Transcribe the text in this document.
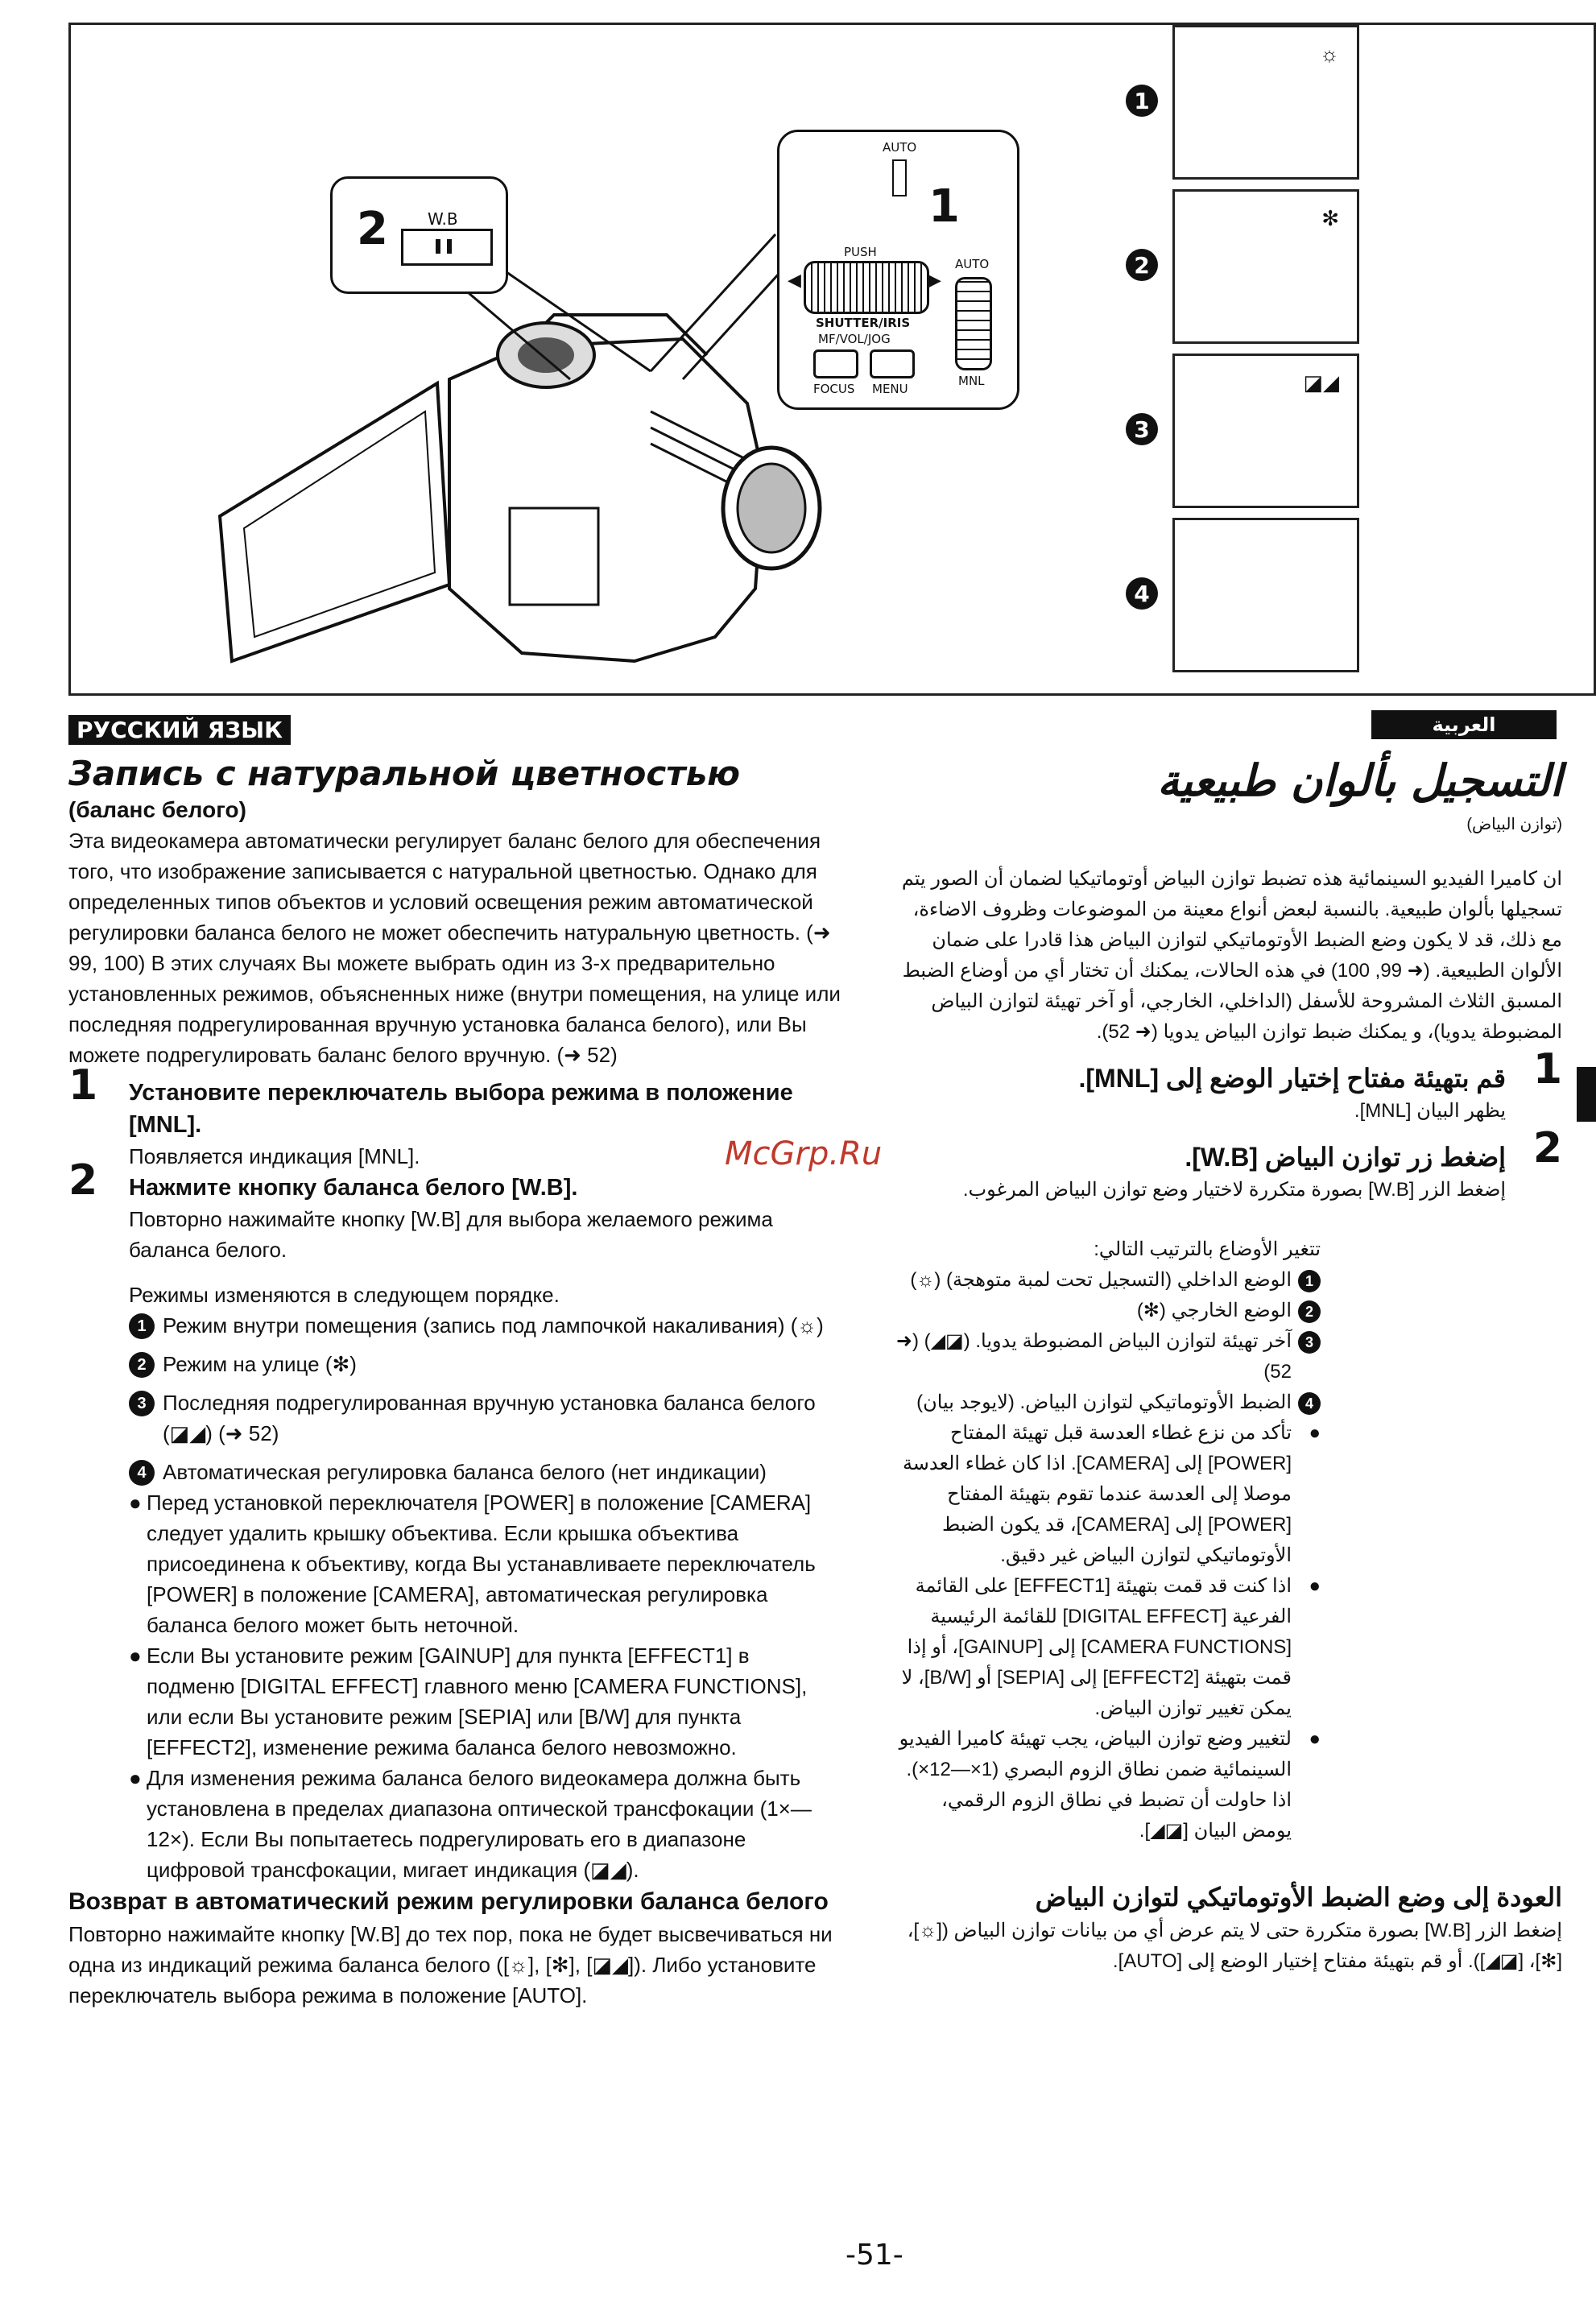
2 W.B
AUTO
1
PUSH
◀	▶
SHUTTER/IRIS
MF/VOL/JOG
FOCUS MENU
AUTO
MNL
1
☼
2
✻
3
◪◢
4
РУССКИЙ ЯЗЫК	العربية
Запись с натуральной цветностью

(баланс белого)

Эта видеокамера автоматически регулирует баланс белого для обеспечения того, что изображение записывается с натуральной цветностью. Однако для определенных типов объектов и условий освещения режим автоматической регулировки баланса белого не может обеспечить натуральную цветность. (➜ 99, 100) В этих случаях Вы можете выбрать один из 3-х предварительно установленных режимов, объясненных ниже (внутри помещения, на улице или последняя подрегулированная вручную установка баланса белого), или Вы можете подрегулировать баланс белого вручную. (➜ 52)

1 Установите переключатель выбора режима в положение [MNL].

Появляется индикация [MNL].

2 Нажмите кнопку баланса белого [W.B].

Повторно нажимайте кнопку [W.B] для выбора желаемого режима баланса белого.

Режимы изменяются в следующем порядке.

1 Режим внутри помещения (запись под лампочкой накаливания) (☼)
2 Режим на улице (✻)
3 Последняя подрегулированная вручную установка баланса белого (◪◢) (➜ 52)
4 Автоматическая регулировка баланса белого (нет индикации)
● Перед установкой переключателя [POWER] в положение [CAMERA] следует удалить крышку объектива. Если крышка объектива присоединена к объективу, когда Вы устанавливаете переключатель [POWER] в положение [CAMERA], автоматическая регулировка баланса белого может быть неточной.
● Если Вы установите режим [GAINUP] для пункта [EFFECT1] в подменю [DIGITAL EFFECT] главного меню [CAMERA FUNCTIONS], или если Вы установите режим [SEPIA] или [B/W] для пункта [EFFECT2], изменение режима баланса белого невозможно.
● Для изменения режима баланса белого видеокамера должна быть установлена в пределах диапазона оптической трансфокации (1×—12×). Если Вы попытаетесь подрегулировать его в диапазоне цифровой трансфокации, мигает индикация (◪◢).
Возврат в автоматический режим регулировки баланса белого

Повторно нажимайте кнопку [W.B] до тех пор, пока не будет высвечиваться ни одна из индикаций режима баланса белого ([☼], [✻], [◪◢]). Либо установите переключатель выбора режима в положение [AUTO].

التسجيل بألوان طبيعية

(توازن البياض)

ان كاميرا الفيديو السينمائية هذه تضبط توازن البياض أوتوماتيكيا لضمان أن الصور يتم تسجيلها بألوان طبيعية. بالنسبة لبعض أنواع معينة من الموضوعات وظروف الاضاءة، مع ذلك، قد لا يكون وضع الضبط الأوتوماتيكي لتوازن البياض هذا قادرا على ضمان الألوان الطبيعية. (➜ 99, 100) في هذه الحالات، يمكنك أن تختار أي من أوضاع الضبط المسبق الثلاث المشروحة للأسفل (الداخلي، الخارجي، أو آخر تهيئة لتوازن البياض المضبوطة يدويا)، و يمكنك ضبط توازن البياض يدويا (➜ 52).

1
قم بتهيئة مفتاح إختيار الوضع إلى [MNL].

يظهر البيان [MNL].

2
إضغط زر توازن البياض [W.B].

إضغط الزر [W.B] بصورة متكررة لاختيار وضع توازن البياض المرغوب.

تتغير الأوضاع بالترتيب التالي:

1
الوضع الداخلي (التسجيل تحت لمبة متوهجة) (☼)
2
الوضع الخارجي (✻)
3
آخر تهيئة لتوازن البياض المضبوطة يدويا. (◪◢) (➜ 52)
4
الضبط الأوتوماتيكي لتوازن البياض. (لايوجد بيان)
●
تأكد من نزع غطاء العدسة قبل تهيئة المفتاح [POWER] إلى [CAMERA]. اذا كان غطاء العدسة موصلا إلى العدسة عندما تقوم بتهيئة المفتاح [POWER] إلى [CAMERA]، قد يكون الضبط الأوتوماتيكي لتوازن البياض غير دقيق.
●
اذا كنت قد قمت بتهيئة [EFFECT1] على القائمة الفرعية [DIGITAL EFFECT] للقائمة الرئيسية [CAMERA FUNCTIONS] إلى [GAINUP]، أو إذا قمت بتهيئة [EFFECT2] إلى [SEPIA] أو [B/W]، لا يمكن تغيير توازن البياض.
●
لتغيير وضع توازن البياض، يجب تهيئة كاميرا الفيديو السينمائية ضمن نطاق الزوم البصري (1×—12×). اذا حاولت أن تضبط في نطاق الزوم الرقمي، يومض البيان [◪◢].
العودة إلى وضع الضبط الأوتوماتيكي لتوازن البياض

إضغط الزر [W.B] بصورة متكررة حتى لا يتم عرض أي من بيانات توازن البياض ([☼]، [✻]، [◪◢]). أو قم بتهيئة مفتاح إختيار الوضع إلى [AUTO].

McGrp.Ru
-51-
